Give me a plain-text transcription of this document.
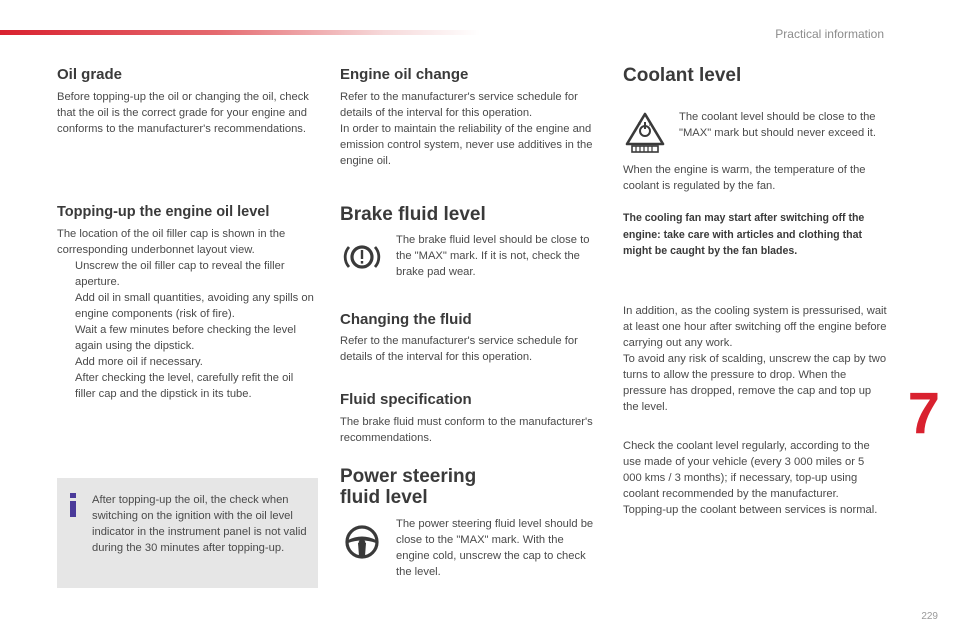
Practical information
Oil grade

Before topping-up the oil or changing the oil, check that the oil is the correct grade for your engine and conforms to the manufacturer's recommendations.

Topping-up the engine oil level

The location of the oil filler cap is shown in the corresponding underbonnet layout view.

Unscrew the oil filler cap to reveal the filler aperture.
Add oil in small quantities, avoiding any spills on engine components (risk of fire).
Wait a few minutes before checking the level again using the dipstick.
Add more oil if necessary.
After checking the level, carefully refit the oil filler cap and the dipstick in its tube.

After topping-up the oil, the check when switching on the ignition with the oil level indicator in the instrument panel is not valid during the 30 minutes after topping-up.

Engine oil change

Refer to the manufacturer's service schedule for details of the interval for this operation.
In order to maintain the reliability of the engine and emission control system, never use additives in the engine oil.

Brake fluid level

The brake fluid level should be close to the "MAX" mark. If it is not, check the brake pad wear.

Changing the fluid

Refer to the manufacturer's service schedule for details of the interval for this operation.

Fluid specification

The brake fluid must conform to the manufacturer's recommendations.

Power steering fluid level

The power steering fluid level should be close to the "MAX" mark. With the engine cold, unscrew the cap to check the level.

Coolant level
F A

The coolant level should be close to the "MAX" mark but should never exceed it.

When the engine is warm, the temperature of the coolant is regulated by the fan.

The cooling fan may start after switching off the engine: take care with articles and clothing that might be caught by the fan blades.

In addition, as the cooling system is pressurised, wait at least one hour after switching off the engine before carrying out any work.
To avoid any risk of scalding, unscrew the cap by two turns to allow the pressure to drop. When the pressure has dropped, remove the cap and top up the level.

Check the coolant level regularly, according to the use made of your vehicle (every 3 000 miles or 5 000 kms / 3 months); if necessary, top-up using coolant recommended by the manufacturer.
Topping-up the coolant between services is normal.

7
229
